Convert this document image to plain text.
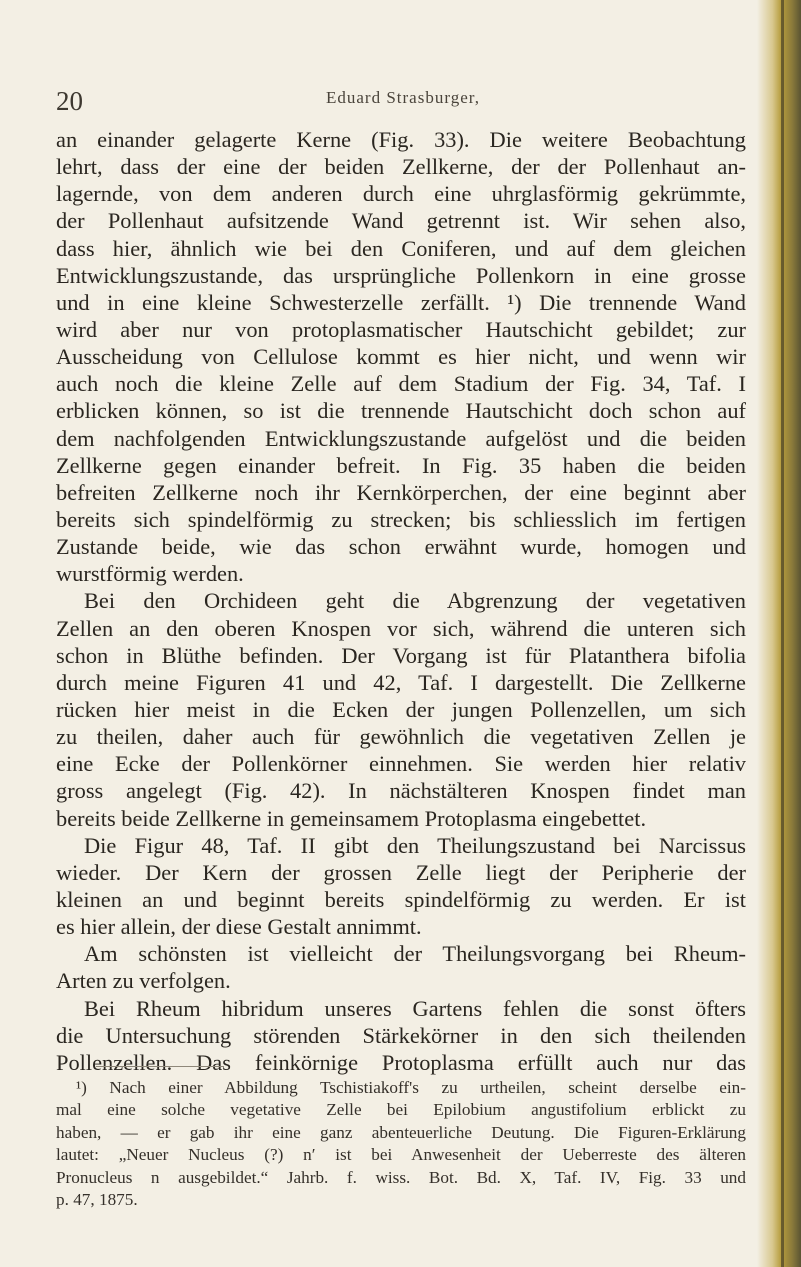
20	Eduard Strasburger,
an einander gelagerte Kerne (Fig. 33). Die weitere Beobachtung
lehrt, dass der eine der beiden Zellkerne, der der Pollenhaut an-
lagernde, von dem anderen durch eine uhrglasförmig gekrümmte,
der Pollenhaut aufsitzende Wand getrennt ist. Wir sehen also,
dass hier, ähnlich wie bei den Coniferen, und auf dem gleichen
Entwicklungszustande, das ursprüngliche Pollenkorn in eine grosse
und in eine kleine Schwesterzelle zerfällt. ¹) Die trennende Wand
wird aber nur von protoplasmatischer Hautschicht gebildet; zur
Ausscheidung von Cellulose kommt es hier nicht, und wenn wir
auch noch die kleine Zelle auf dem Stadium der Fig. 34, Taf. I
erblicken können, so ist die trennende Hautschicht doch schon auf
dem nachfolgenden Entwicklungszustande aufgelöst und die beiden
Zellkerne gegen einander befreit. In Fig. 35 haben die beiden
befreiten Zellkerne noch ihr Kernkörperchen, der eine beginnt aber
bereits sich spindelförmig zu strecken; bis schliesslich im fertigen
Zustande beide, wie das schon erwähnt wurde, homogen und
wurstförmig werden.
Bei den Orchideen geht die Abgrenzung der vegetativen
Zellen an den oberen Knospen vor sich, während die unteren sich
schon in Blüthe befinden. Der Vorgang ist für Platanthera bifolia
durch meine Figuren 41 und 42, Taf. I dargestellt. Die Zellkerne
rücken hier meist in die Ecken der jungen Pollenzellen, um sich
zu theilen, daher auch für gewöhnlich die vegetativen Zellen je
eine Ecke der Pollenkörner einnehmen. Sie werden hier relativ
gross angelegt (Fig. 42). In nächstälteren Knospen findet man
bereits beide Zellkerne in gemeinsamem Protoplasma eingebettet.
Die Figur 48, Taf. II gibt den Theilungszustand bei Narcissus
wieder. Der Kern der grossen Zelle liegt der Peripherie der
kleinen an und beginnt bereits spindelförmig zu werden. Er ist
es hier allein, der diese Gestalt annimmt.
Am schönsten ist vielleicht der Theilungsvorgang bei Rheum-
Arten zu verfolgen.
Bei Rheum hibridum unseres Gartens fehlen die sonst öfters
die Untersuchung störenden Stärkekörner in den sich theilenden
Pollenzellen. Das feinkörnige Protoplasma erfüllt auch nur das
¹) Nach einer Abbildung Tschistiakoff's zu urtheilen, scheint derselbe ein-
mal eine solche vegetative Zelle bei Epilobium angustifolium erblickt zu
haben, — er gab ihr eine ganz abenteuerliche Deutung. Die Figuren-Erklärung
lautet: „Neuer Nucleus (?) n′ ist bei Anwesenheit der Ueberreste des älteren
Pronucleus n ausgebildet.“ Jahrb. f. wiss. Bot. Bd. X, Taf. IV, Fig. 33 und
p. 47, 1875.
